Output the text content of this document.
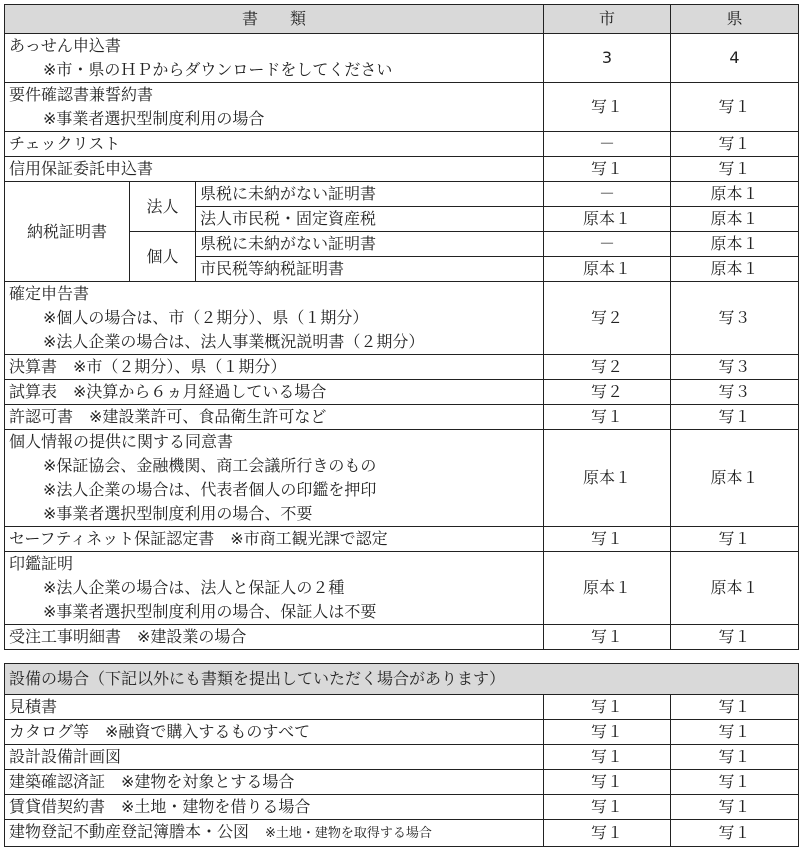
書　　類			市	県
あっせん申込書
※市・県のＨＰからダウンロードをしてください			3	4
要件確認書兼誓約書
※事業者選択型制度利用の場合			写１	写１
チェックリスト			－	写１
信用保証委託申込書			写１	写１
納税証明書	法人	県税に未納がない証明書	－	原本１
		法人市民税・固定資産税	原本１	原本１
	個人	県税に未納がない証明書	－	原本１
		市民税等納税証明書	原本１	原本１
確定申告書
※個人の場合は、市（２期分）、県（１期分）
※法人企業の場合は、法人事業概況説明書（２期分）			写２	写３
決算書　※市（２期分）、県（１期分）			写２	写３
試算表　※決算から６ヵ月経過している場合			写２	写３
許認可書　※建設業許可、食品衛生許可など			写１	写１
個人情報の提供に関する同意書
※保証協会、金融機関、商工会議所行きのもの
※法人企業の場合は、代表者個人の印鑑を押印
※事業者選択型制度利用の場合、不要			原本１	原本１
セーフティネット保証認定書　※市商工観光課で認定			写１	写１
印鑑証明
※法人企業の場合は、法人と保証人の２種
※事業者選択型制度利用の場合、保証人は不要			原本１	原本１
受注工事明細書　※建設業の場合			写１	写１
設備の場合（下記以外にも書類を提出していただく場合があります）		
見積書	写１	写１
カタログ等　※融資で購入するものすべて	写１	写１
設計設備計画図	写１	写１
建築確認済証　※建物を対象とする場合	写１	写１
賃貸借契約書　※土地・建物を借りる場合	写１	写１
建物登記不動産登記簿謄本・公図　 ※土地・建物を取得する場合	写１	写１
